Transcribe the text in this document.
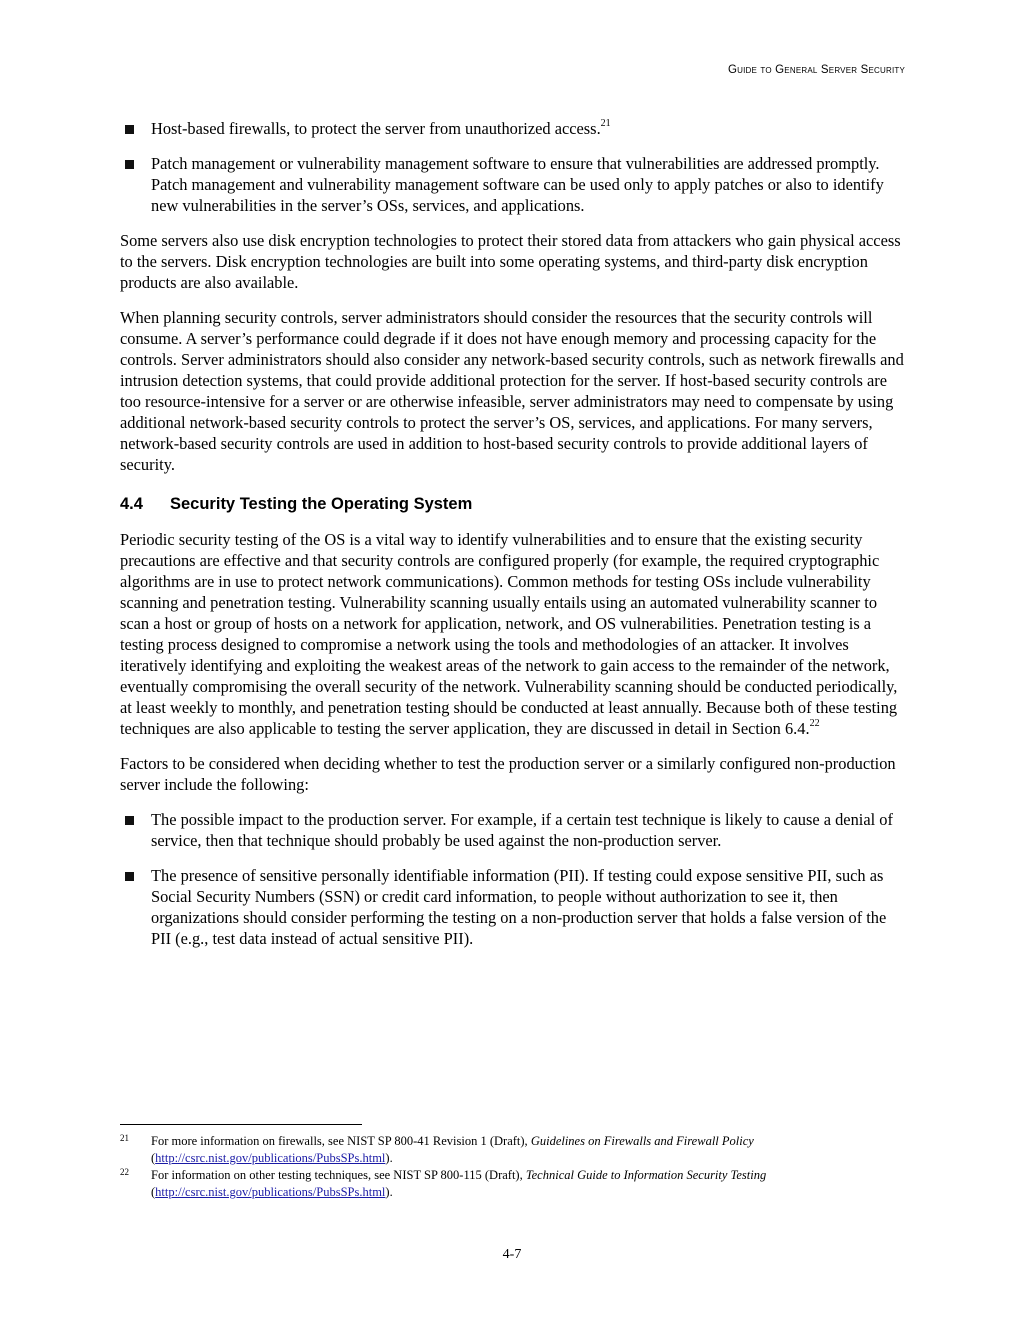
Guide to General Server Security
Host-based firewalls, to protect the server from unauthorized access.$^{21}$
Patch management or vulnerability management software to ensure that vulnerabilities are addressed promptly. Patch management and vulnerability management software can be used only to apply patches or also to identify new vulnerabilities in the server’s OSs, services, and applications.

Some servers also use disk encryption technologies to protect their stored data from attackers who gain physical access to the servers. Disk encryption technologies are built into some operating systems, and third-party disk encryption products are also available.

When planning security controls, server administrators should consider the resources that the security controls will consume. A server’s performance could degrade if it does not have enough memory and processing capacity for the controls. Server administrators should also consider any network-based security controls, such as network firewalls and intrusion detection systems, that could provide additional protection for the server. If host-based security controls are too resource-intensive for a server or are otherwise infeasible, server administrators may need to compensate by using additional network-based security controls to protect the server’s OS, services, and applications. For many servers, network-based security controls are used in addition to host-based security controls to provide additional layers of security.

4.4 Security Testing the Operating System

Periodic security testing of the OS is a vital way to identify vulnerabilities and to ensure that the existing security precautions are effective and that security controls are configured properly (for example, the required cryptographic algorithms are in use to protect network communications). Common methods for testing OSs include vulnerability scanning and penetration testing. Vulnerability scanning usually entails using an automated vulnerability scanner to scan a host or group of hosts on a network for application, network, and OS vulnerabilities. Penetration testing is a testing process designed to compromise a network using the tools and methodologies of an attacker. It involves iteratively identifying and exploiting the weakest areas of the network to gain access to the remainder of the network, eventually compromising the overall security of the network. Vulnerability scanning should be conducted periodically, at least weekly to monthly, and penetration testing should be conducted at least annually. Because both of these testing techniques are also applicable to testing the server application, they are discussed in detail in Section 6.4.22

Factors to be considered when deciding whether to test the production server or a similarly configured non-production server include the following:

The possible impact to the production server. For example, if a certain test technique is likely to cause a denial of service, then that technique should probably be used against the non-production server.
The presence of sensitive personally identifiable information (PII). If testing could expose sensitive PII, such as Social Security Numbers (SSN) or credit card information, to people without authorization to see it, then organizations should consider performing the testing on a non-production server that holds a false version of the PII (e.g., test data instead of actual sensitive PII).
21 For more information on firewalls, see NIST SP 800-41 Revision 1 (Draft), Guidelines on Firewalls and Firewall Policy
(http://csrc.nist.gov/publications/PubsSPs.html).
22 For information on other testing techniques, see NIST SP 800-115 (Draft), Technical Guide to Information Security Testing
(http://csrc.nist.gov/publications/PubsSPs.html).
4-7
